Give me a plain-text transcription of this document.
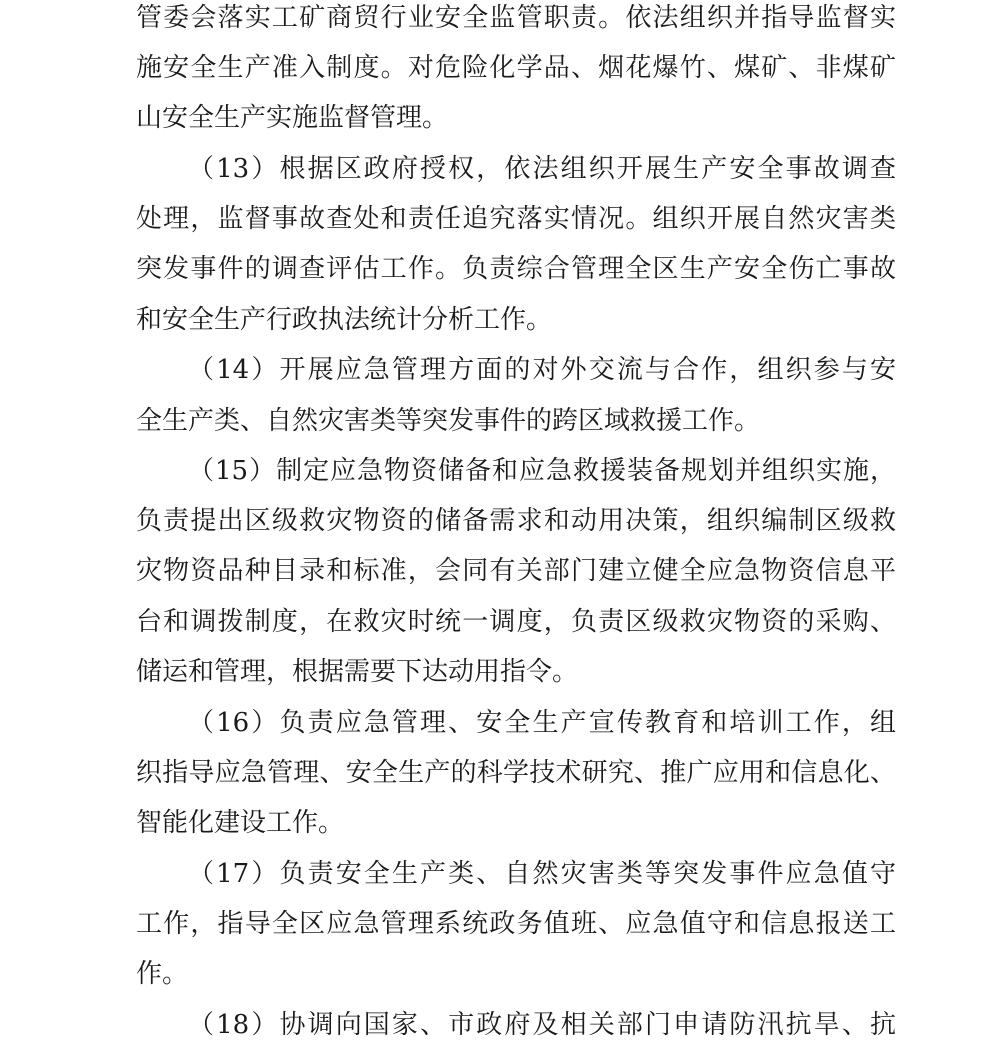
管委会落实工矿商贸行业安全监管职责。依法组织并指导监督实
施安全生产准入制度。对危险化学品、烟花爆竹、煤矿、非煤矿
山安全生产实施监督管理。
（13）根据区政府授权，依法组织开展生产安全事故调查
处理，监督事故查处和责任追究落实情况。组织开展自然灾害类
突发事件的调查评估工作。负责综合管理全区生产安全伤亡事故
和安全生产行政执法统计分析工作。
（14）开展应急管理方面的对外交流与合作，组织参与安
全生产类、自然灾害类等突发事件的跨区域救援工作。
（15）制定应急物资储备和应急救援装备规划并组织实施，
负责提出区级救灾物资的储备需求和动用决策，组织编制区级救
灾物资品种目录和标准，会同有关部门建立健全应急物资信息平
台和调拨制度，在救灾时统一调度，负责区级救灾物资的采购、
储运和管理，根据需要下达动用指令。
（16）负责应急管理、安全生产宣传教育和培训工作，组
织指导应急管理、安全生产的科学技术研究、推广应用和信息化、
智能化建设工作。
（17）负责安全生产类、自然灾害类等突发事件应急值守
工作，指导全区应急管理系统政务值班、应急值守和信息报送工
作。
（18）协调向国家、市政府及相关部门申请防汛抗旱、抗
